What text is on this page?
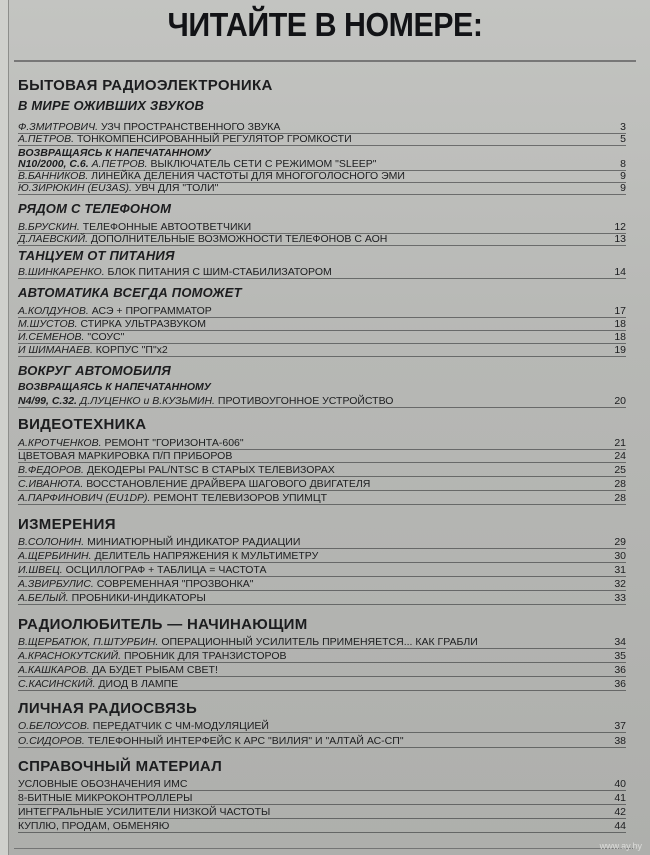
ЧИТАЙТЕ В НОМЕРЕ:
БЫТОВАЯ РАДИОЭЛЕКТРОНИКА
В МИРЕ ОЖИВШИХ ЗВУКОВ
Ф.ЗМИТРОВИЧ. УЗЧ ПРОСТРАНСТВЕННОГО ЗВУКА	3
А.ПЕТРОВ. ТОНКОМПЕНСИРОВАННЫЙ РЕГУЛЯТОР ГРОМКОСТИ	5
ВОЗВРАЩАЯСЬ К НАПЕЧАТАННОМУ
N10/2000, С.6. А.ПЕТРОВ. ВЫКЛЮЧАТЕЛЬ СЕТИ С РЕЖИМОМ "SLEEP"	8
В.БАННИКОВ. ЛИНЕЙКА ДЕЛЕНИЯ ЧАСТОТЫ ДЛЯ МНОГОГОЛОСНОГО ЭМИ	9
Ю.ЗИРЮКИН (EU3AS). УВЧ ДЛЯ "ТОЛИ"	9
РЯДОМ С ТЕЛЕФОНОМ
В.БРУСКИН. ТЕЛЕФОННЫЕ АВТООТВЕТЧИКИ	12
Д.ЛАЕВСКИЙ. ДОПОЛНИТЕЛЬНЫЕ ВОЗМОЖНОСТИ ТЕЛЕФОНОВ С АОН	13
ТАНЦУЕМ ОТ ПИТАНИЯ
В.ШИНКАРЕНКО. БЛОК ПИТАНИЯ С ШИМ-СТАБИЛИЗАТОРОМ	14
АВТОМАТИКА ВСЕГДА ПОМОЖЕТ
А.КОЛДУНОВ. АСЭ + ПРОГРАММАТОР	17
М.ШУСТОВ. СТИРКА УЛЬТРАЗВУКОМ	18
И.СЕМЕНОВ. "СОУС"	18
И ШИМАНАЕВ. КОРПУС "П"x2	19
ВОКРУГ АВТОМОБИЛЯ
ВОЗВРАЩАЯСЬ К НАПЕЧАТАННОМУ
N4/99, С.32. Д.ЛУЦЕНКО и В.КУЗЬМИН. ПРОТИВОУГОННОЕ УСТРОЙСТВО	20
ВИДЕОТЕХНИКА
А.КРОТЧЕНКОВ. РЕМОНТ "ГОРИЗОНТА-606"	21
ЦВЕТОВАЯ МАРКИРОВКА П/П ПРИБОРОВ	24
В.ФЕДОРОВ. ДЕКОДЕРЫ PAL/NTSC В СТАРЫХ ТЕЛЕВИЗОРАХ	25
С.ИВАНЮТА. ВОССТАНОВЛЕНИЕ ДРАЙВЕРА ШАГОВОГО ДВИГАТЕЛЯ	28
А.ПАРФИНОВИЧ (EU1DP). РЕМОНТ ТЕЛЕВИЗОРОВ УПИМЦТ	28
ИЗМЕРЕНИЯ
В.СОЛОНИН. МИНИАТЮРНЫЙ ИНДИКАТОР РАДИАЦИИ	29
А.ЩЕРБИНИН. ДЕЛИТЕЛЬ НАПРЯЖЕНИЯ К МУЛЬТИМЕТРУ	30
И.ШВЕЦ. ОСЦИЛЛОГРАФ + ТАБЛИЦА = ЧАСТОТА	31
А.ЗВИРБУЛИС. СОВРЕМЕННАЯ "ПРОЗВОНКА"	32
А.БЕЛЫЙ. ПРОБНИКИ-ИНДИКАТОРЫ	33
РАДИОЛЮБИТЕЛЬ — НАЧИНАЮЩИМ
В.ЩЕРБАТЮК, П.ШТУРБИН. ОПЕРАЦИОННЫЙ УСИЛИТЕЛЬ ПРИМЕНЯЕТСЯ... КАК ГРАБЛИ	34
А.КРАСНОКУТСКИЙ. ПРОБНИК ДЛЯ ТРАНЗИСТОРОВ	35
А.КАШКАРОВ. ДА БУДЕТ РЫБАМ СВЕТ!	36
С.КАСИНСКИЙ. ДИОД В ЛАМПЕ	36
ЛИЧНАЯ РАДИОСВЯЗЬ
О.БЕЛОУСОВ. ПЕРЕДАТЧИК С ЧМ-МОДУЛЯЦИЕЙ	37
О.СИДОРОВ. ТЕЛЕФОННЫЙ ИНТЕРФЕЙС К АРС "ВИЛИЯ" И "АЛТАЙ АС-СП"	38
СПРАВОЧНЫЙ МАТЕРИАЛ
УСЛОВНЫЕ ОБОЗНАЧЕНИЯ ИМС	40
8-БИТНЫЕ МИКРОКОНТРОЛЛЕРЫ	41
ИНТЕГРАЛЬНЫЕ УСИЛИТЕЛИ НИЗКОЙ ЧАСТОТЫ	42
КУПЛЮ, ПРОДАМ, ОБМЕНЯЮ	44
www.ay.by
